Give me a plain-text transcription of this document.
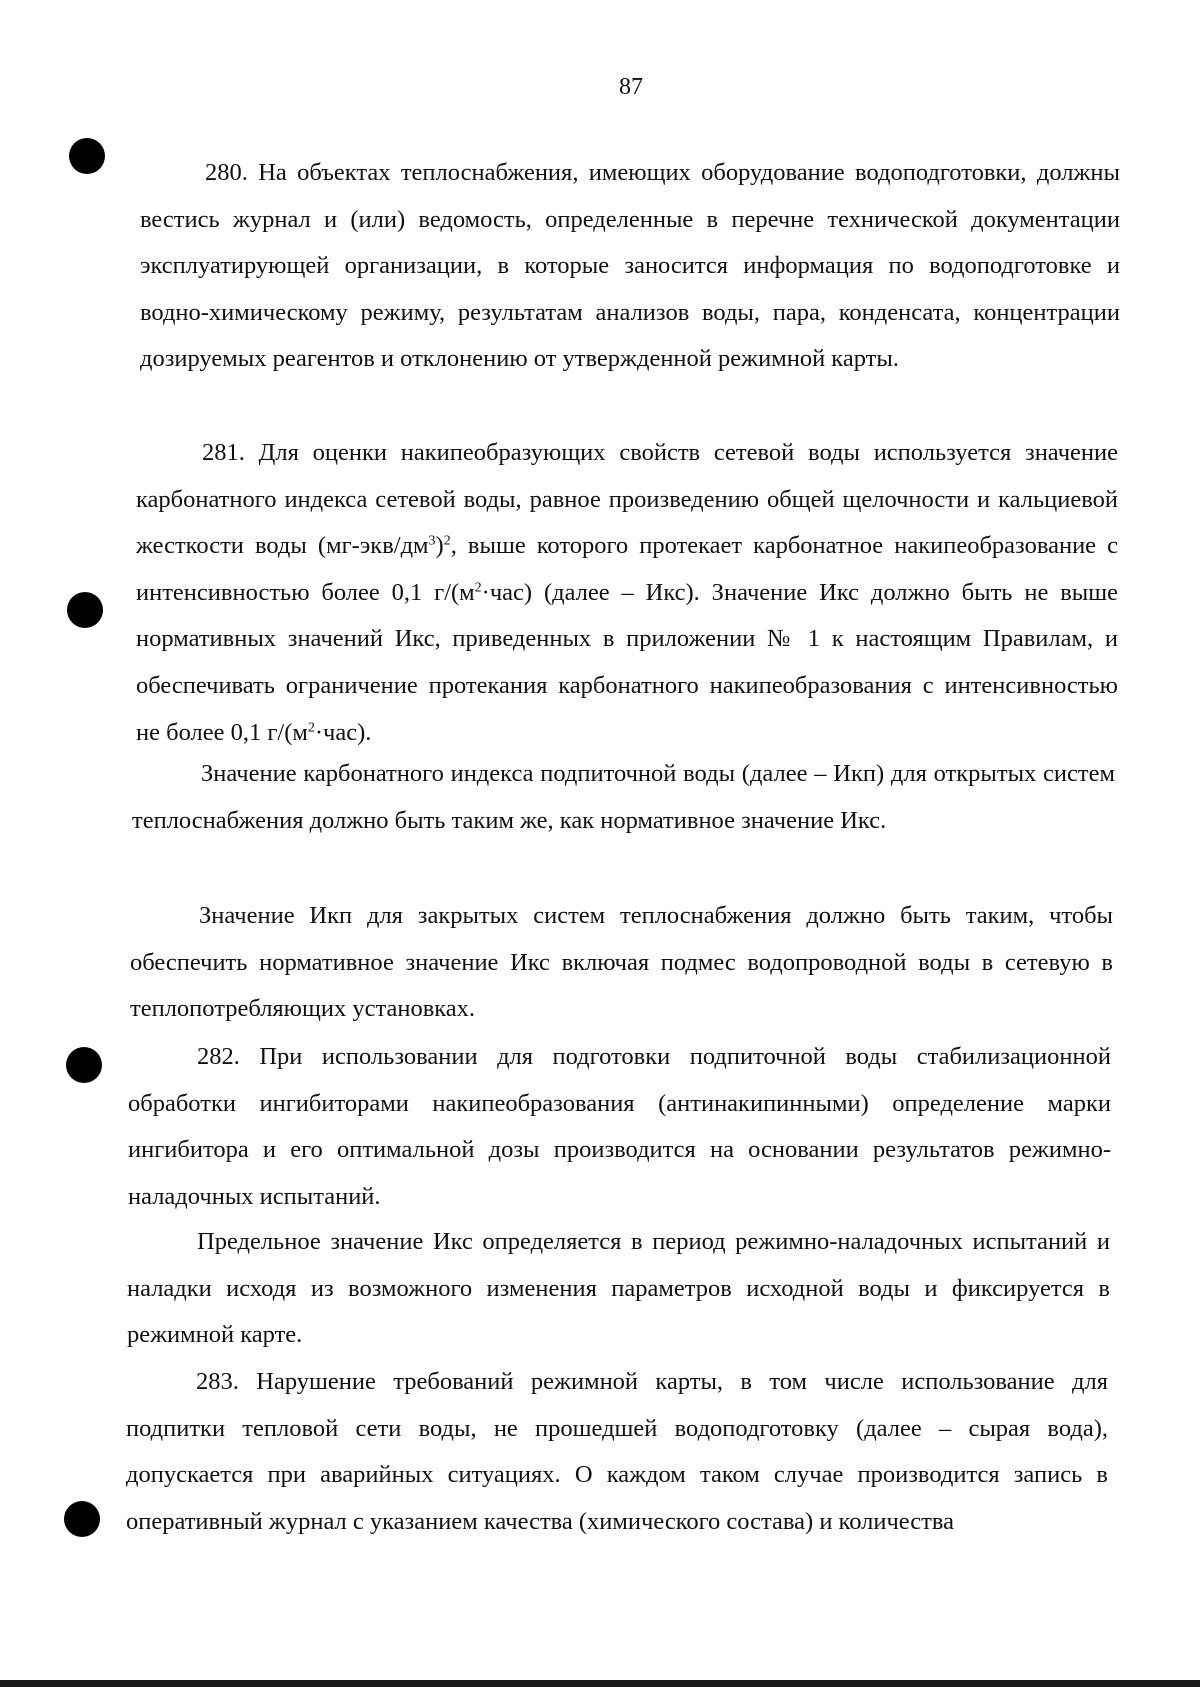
87

280. На объектах теплоснабжения, имеющих оборудование водоподготовки, должны вестись журнал и (или) ведомость, определенные в перечне технической документации эксплуатирующей организации, в которые заносится информация по водоподготовке и водно-химическому режиму, результатам анализов воды, пара, конденсата, концентрации дозируемых реагентов и отклонению от утвержденной режимной карты.

281. Для оценки накипеобразующих свойств сетевой воды используется значение карбонатного индекса сетевой воды, равное произведению общей щелочности и кальциевой жесткости воды $(мг-экв/дм^3)^2$, выше которого протекает карбонатное накипеобразование с интенсивностью более 0,1 $г/(м^2\cdot час)$ (далее – Икс). Значение Икс должно быть не выше нормативных значений Икс, приведенных в приложении № 1 к настоящим Правилам, и обеспечивать ограничение протекания карбонатного накипеобразования с интенсивностью не более 0,1 $г/(м^2\cdot час)$.

Значение карбонатного индекса подпиточной воды (далее – Икп) для открытых систем теплоснабжения должно быть таким же, как нормативное значение Икс.

Значение Икп для закрытых систем теплоснабжения должно быть таким, чтобы обеспечить нормативное значение Икс включая подмес водопроводной воды в сетевую в теплопотребляющих установках.

282. При использовании для подготовки подпиточной воды стабилизационной обработки ингибиторами накипеобразования (антинакипинными) определение марки ингибитора и его оптимальной дозы производится на основании результатов режимно-наладочных испытаний.

Предельное значение Икс определяется в период режимно-наладочных испытаний и наладки исходя из возможного изменения параметров исходной воды и фиксируется в режимной карте.

283. Нарушение требований режимной карты, в том числе использование для подпитки тепловой сети воды, не прошедшей водоподготовку (далее – сырая вода), допускается при аварийных ситуациях. О каждом таком случае производится запись в оперативный журнал с указанием качества (химического состава) и количества
